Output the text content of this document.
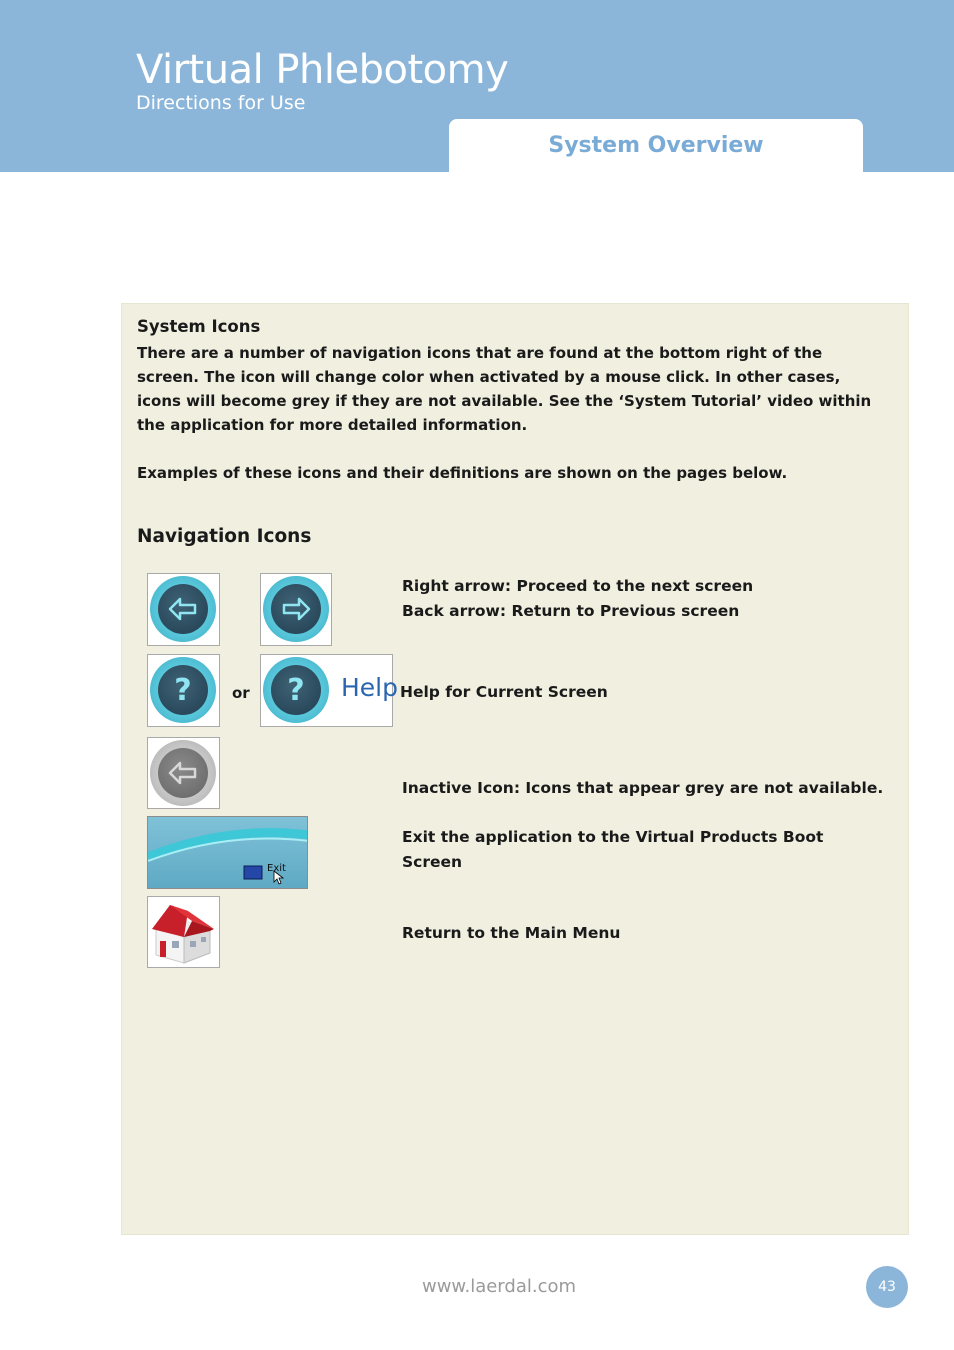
Virtual Phlebotomy
Directions for Use
System Overview
System Icons

There are a number of navigation icons that are found at the bottom right of the screen. The icon will change color when activated by a mouse click. In other cases, icons will become grey if they are not available. See the ‘System Tutorial’ video within the application for more detailed information.

Examples of these icons and their definitions are shown on the pages below.

Navigation Icons

Right arrow: Proceed to the next screen

Back arrow: Return to Previous screen

?	or ? Help Help for Current Screen

Inactive Icon: Icons that appear grey are not available.

Exit

Exit the application to the Virtual Products Boot Screen

Return to the Main Menu

www.laerdal.com	43
